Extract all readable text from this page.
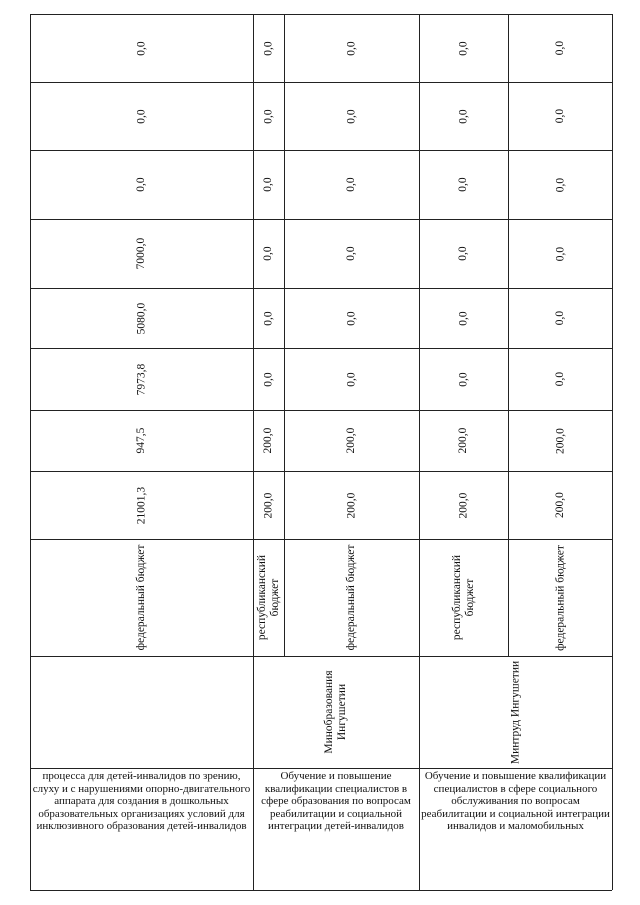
21001,3
947,5
7973,8
5080,0
7000,0
0,0
0,0
0,0
федеральный бюджет
процесса для детей-инвалидов по зрению, слуху и с нарушениями опорно-двигательного аппарата для создания в дошкольных образовательных организациях условий для инклюзивного образования детей-инвалидов
200,0
200,0
0,0
0,0
0,0
0,0
0,0
0,0
республиканский бюджет
200,0
200,0
0,0
0,0
0,0
0,0
0,0
0,0
федеральный бюджет
Минобразования Ингушетии
Обучение и повышение квалификации специалистов в сфере образования по вопросам реабилитации и социальной интеграции детей-инвалидов
200,0
200,0
0,0
0,0
0,0
0,0
0,0
0,0
республиканский бюджет
200,0
200,0
0,0
0,0
0,0
0,0
0,0
0,0
федеральный бюджет
Минтруд Ингушетии
Обучение и повышение квалификации специалистов в сфере социального обслуживания по вопросам реабилитации и социальной интеграции инвалидов и маломобильных
